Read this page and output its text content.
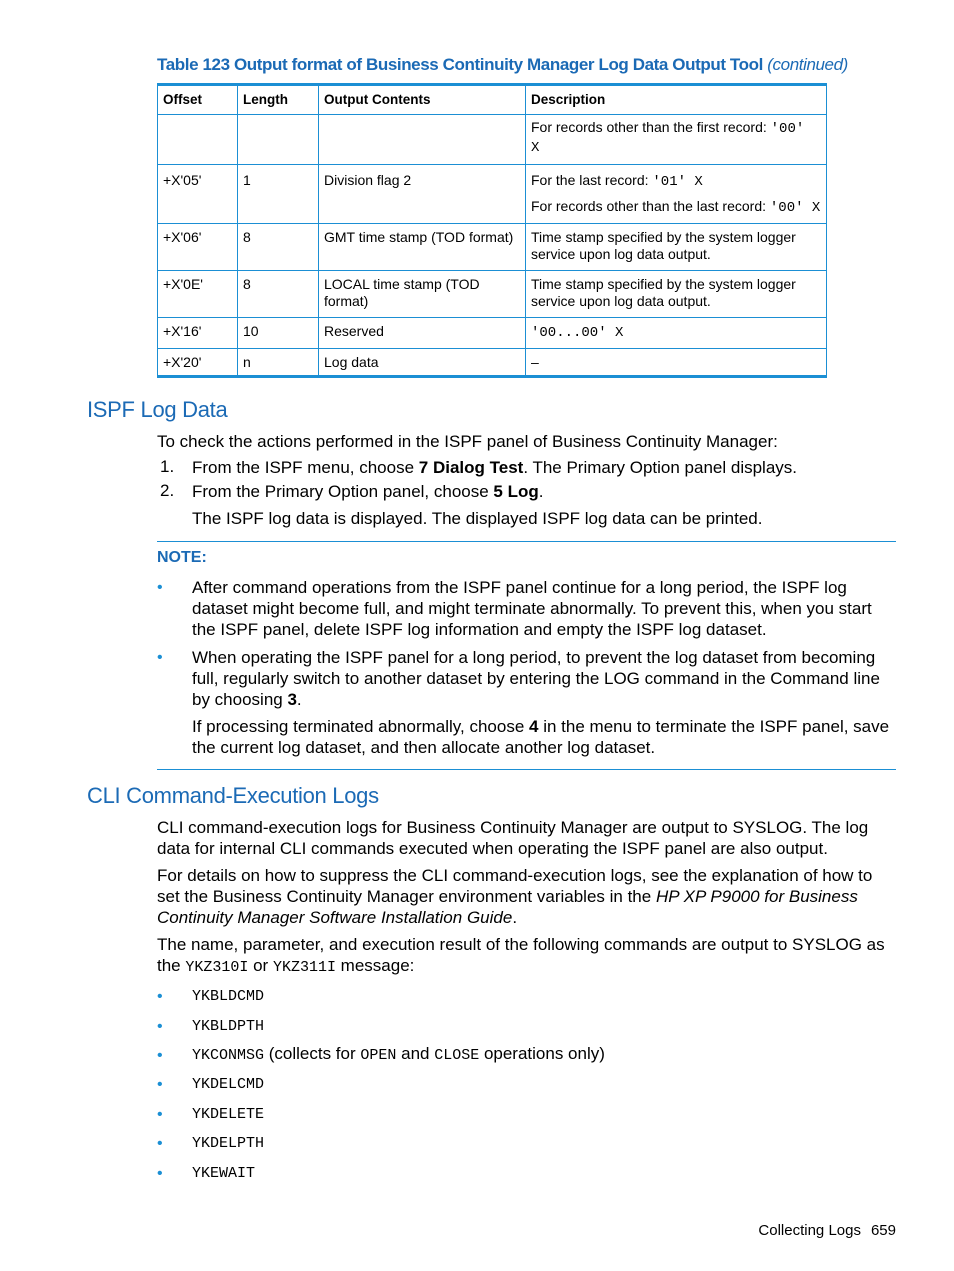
Table 123 Output format of Business Continuity Manager Log Data Output Tool (continued)
Offset	Length	Output Contents	Description
			For records other than the first record: '00' X
+X'05'	1	Division flag 2	For the last record: '01' X

For records other than the last record: '00' X

+X'06'	8	GMT time stamp (TOD format)	Time stamp specified by the system logger service upon log data output.
+X'0E'	8	LOCAL time stamp (TOD format)	Time stamp specified by the system logger service upon log data output.
+X'16'	10	Reserved	'00...00' X
+X'20'	n	Log data	–
ISPF Log Data

To check the actions performed in the ISPF panel of Business Continuity Manager:

1. From the ISPF menu, choose 7 Dialog Test. The Primary Option panel displays.
2. From the Primary Option panel, choose 5 Log.
The ISPF log data is displayed. The displayed ISPF log data can be printed.
NOTE:
• After command operations from the ISPF panel continue for a long period, the ISPF log dataset might become full, and might terminate abnormally. To prevent this, when you start the ISPF panel, delete ISPF log information and empty the ISPF log dataset.

• When operating the ISPF panel for a long period, to prevent the log dataset from becoming full, regularly switch to another dataset by entering the LOG command in the Command line by choosing 3.

If processing terminated abnormally, choose 4 in the menu to terminate the ISPF panel, save the current log dataset, and then allocate another log dataset.

CLI Command-Execution Logs

CLI command-execution logs for Business Continuity Manager are output to SYSLOG. The log data for internal CLI commands executed when operating the ISPF panel are also output.

For details on how to suppress the CLI command-execution logs, see the explanation of how to set the Business Continuity Manager environment variables in the HP XP P9000 for Business Continuity Manager Software Installation Guide.

The name, parameter, and execution result of the following commands are output to SYSLOG as the YKZ310I or YKZ311I message:

• YKBLDCMD
• YKBLDPTH
• YKCONMSG (collects for OPEN and CLOSE operations only)
• YKDELCMD
• YKDELETE
• YKDELPTH
• YKEWAIT
Collecting Logs 659
